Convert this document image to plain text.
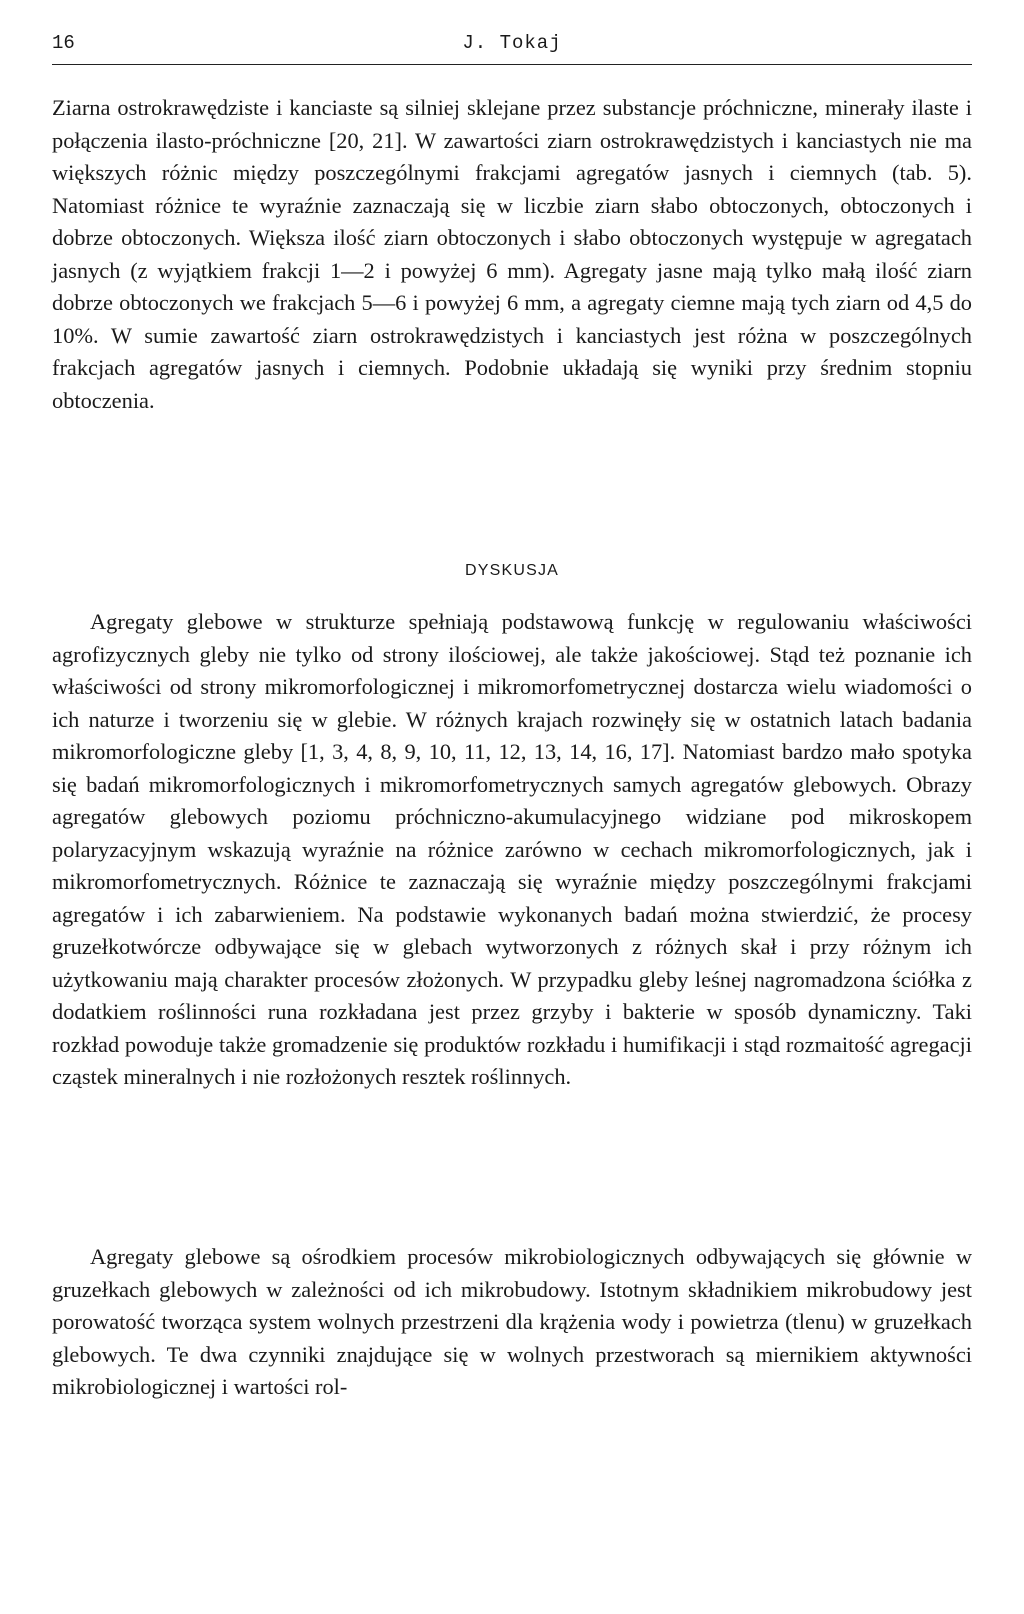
16	J. Tokaj

Ziarna ostrokrawędziste i kanciaste są silniej sklejane przez substancje próchniczne, minerały ilaste i połączenia ilasto-próchniczne [20, 21]. W zawartości ziarn ostrokrawędzistych i kanciastych nie ma większych różnic między poszczególnymi frakcjami agregatów jasnych i ciemnych (tab. 5). Natomiast różnice te wyraźnie zaznaczają się w liczbie ziarn słabo obtoczonych, obtoczonych i dobrze obtoczonych. Większa ilość ziarn obtoczonych i słabo obtoczonych występuje w agregatach jasnych (z wyjątkiem frakcji 1—2 i powyżej 6 mm). Agregaty jasne mają tylko małą ilość ziarn dobrze obtoczonych we frakcjach 5—6 i powyżej 6 mm, a agregaty ciemne mają tych ziarn od 4,5 do 10%. W sumie zawartość ziarn ostrokrawędzistych i kanciastych jest różna w poszczególnych frakcjach agregatów jasnych i ciemnych. Podobnie układają się wyniki przy średnim stopniu obtoczenia.

DYSKUSJA

Agregaty glebowe w strukturze spełniają podstawową funkcję w regulowaniu właściwości agrofizycznych gleby nie tylko od strony ilościowej, ale także jakościowej. Stąd też poznanie ich właściwości od strony mikromorfologicznej i mikromorfometrycznej dostarcza wielu wiadomości o ich naturze i tworzeniu się w glebie. W różnych krajach rozwinęły się w ostatnich latach badania mikromorfologiczne gleby [1, 3, 4, 8, 9, 10, 11, 12, 13, 14, 16, 17]. Natomiast bardzo mało spotyka się badań mikromorfologicznych i mikromorfometrycznych samych agregatów glebowych. Obrazy agregatów glebowych poziomu próchniczno-akumulacyjnego widziane pod mikroskopem polaryzacyjnym wskazują wyraźnie na różnice zarówno w cechach mikromorfologicznych, jak i mikromorfometrycznych. Różnice te zaznaczają się wyraźnie między poszczególnymi frakcjami agregatów i ich zabarwieniem. Na podstawie wykonanych badań można stwierdzić, że procesy gruzełkotwórcze odbywające się w glebach wytworzonych z różnych skał i przy różnym ich użytkowaniu mają charakter procesów złożonych. W przypadku gleby leśnej nagromadzona ściółka z dodatkiem roślinności runa rozkładana jest przez grzyby i bakterie w sposób dynamiczny. Taki rozkład powoduje także gromadzenie się produktów rozkładu i humifikacji i stąd rozmaitość agregacji cząstek mineralnych i nie rozłożonych resztek roślinnych.

Agregaty glebowe są ośrodkiem procesów mikrobiologicznych odbywających się głównie w gruzełkach glebowych w zależności od ich mikrobudowy. Istotnym składnikiem mikrobudowy jest porowatość tworząca system wolnych przestrzeni dla krążenia wody i powietrza (tlenu) w gruzełkach glebowych. Te dwa czynniki znajdujące się w wolnych przestworach są miernikiem aktywności mikrobiologicznej i wartości rol-
